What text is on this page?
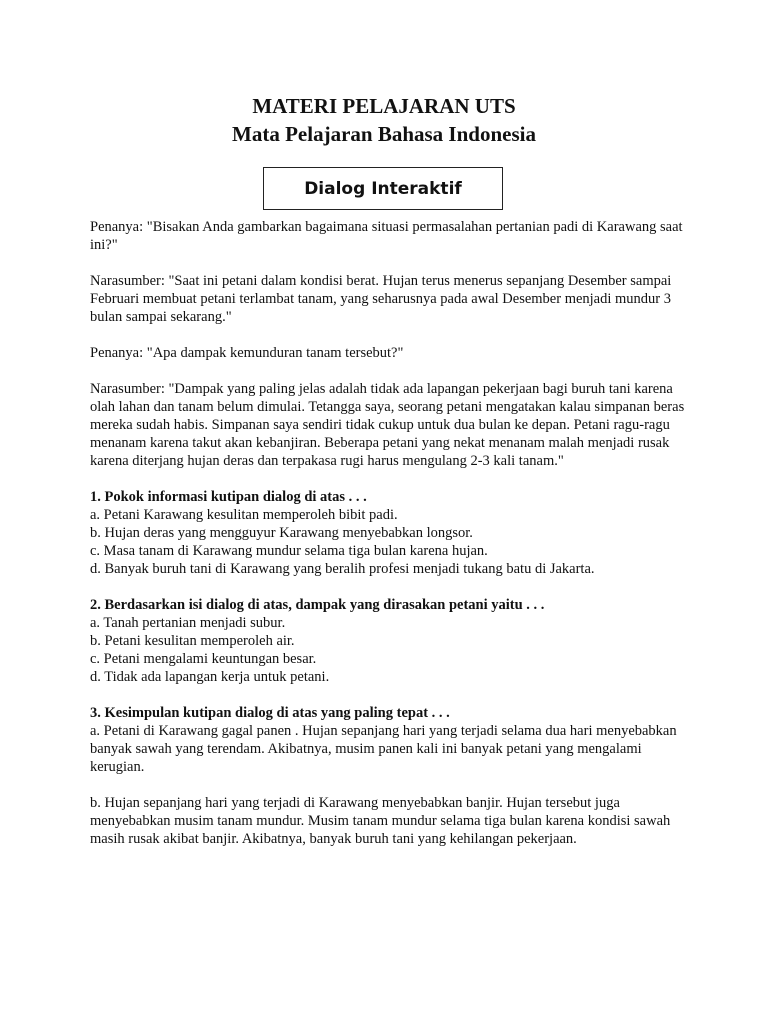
MATERI PELAJARAN UTS
Mata Pelajaran Bahasa Indonesia
Dialog Interaktif

Penanya: "Bisakan Anda gambarkan bagaimana situasi permasalahan pertanian padi di Karawang saat ini?"

Narasumber: "Saat ini petani dalam kondisi berat. Hujan terus menerus sepanjang Desember sampai Februari membuat petani terlambat tanam, yang seharusnya pada awal Desember menjadi mundur 3 bulan sampai sekarang."

Penanya: "Apa dampak kemunduran tanam tersebut?"

Narasumber: "Dampak yang paling jelas adalah tidak ada lapangan pekerjaan bagi buruh tani karena olah lahan dan tanam belum dimulai. Tetangga saya, seorang petani mengatakan kalau simpanan beras mereka sudah habis. Simpanan saya sendiri tidak cukup untuk dua bulan ke depan. Petani ragu-ragu menanam karena takut akan kebanjiran. Beberapa petani yang nekat menanam malah menjadi rusak karena diterjang hujan deras dan terpakasa rugi harus mengulang 2-3 kali tanam."

1. Pokok informasi kutipan dialog di atas . . .

a. Petani Karawang kesulitan memperoleh bibit padi.

b. Hujan deras yang mengguyur Karawang menyebabkan longsor.

c. Masa tanam di Karawang mundur selama tiga bulan karena hujan.

d. Banyak buruh tani di Karawang yang beralih profesi menjadi tukang batu di Jakarta.

2. Berdasarkan isi dialog di atas, dampak yang dirasakan petani yaitu . . .

a. Tanah pertanian menjadi subur.

b. Petani kesulitan memperoleh air.

c. Petani mengalami keuntungan besar.

d. Tidak ada lapangan kerja untuk petani.

3. Kesimpulan kutipan dialog di atas yang paling tepat . . .

a. Petani di Karawang gagal panen . Hujan sepanjang hari yang terjadi selama dua hari menyebabkan banyak sawah yang terendam. Akibatnya, musim panen kali ini banyak petani yang mengalami kerugian.

b. Hujan sepanjang hari yang terjadi di Karawang menyebabkan banjir. Hujan tersebut juga menyebabkan musim tanam mundur. Musim tanam mundur selama tiga bulan karena kondisi sawah masih rusak akibat banjir. Akibatnya, banyak buruh tani yang kehilangan pekerjaan.
